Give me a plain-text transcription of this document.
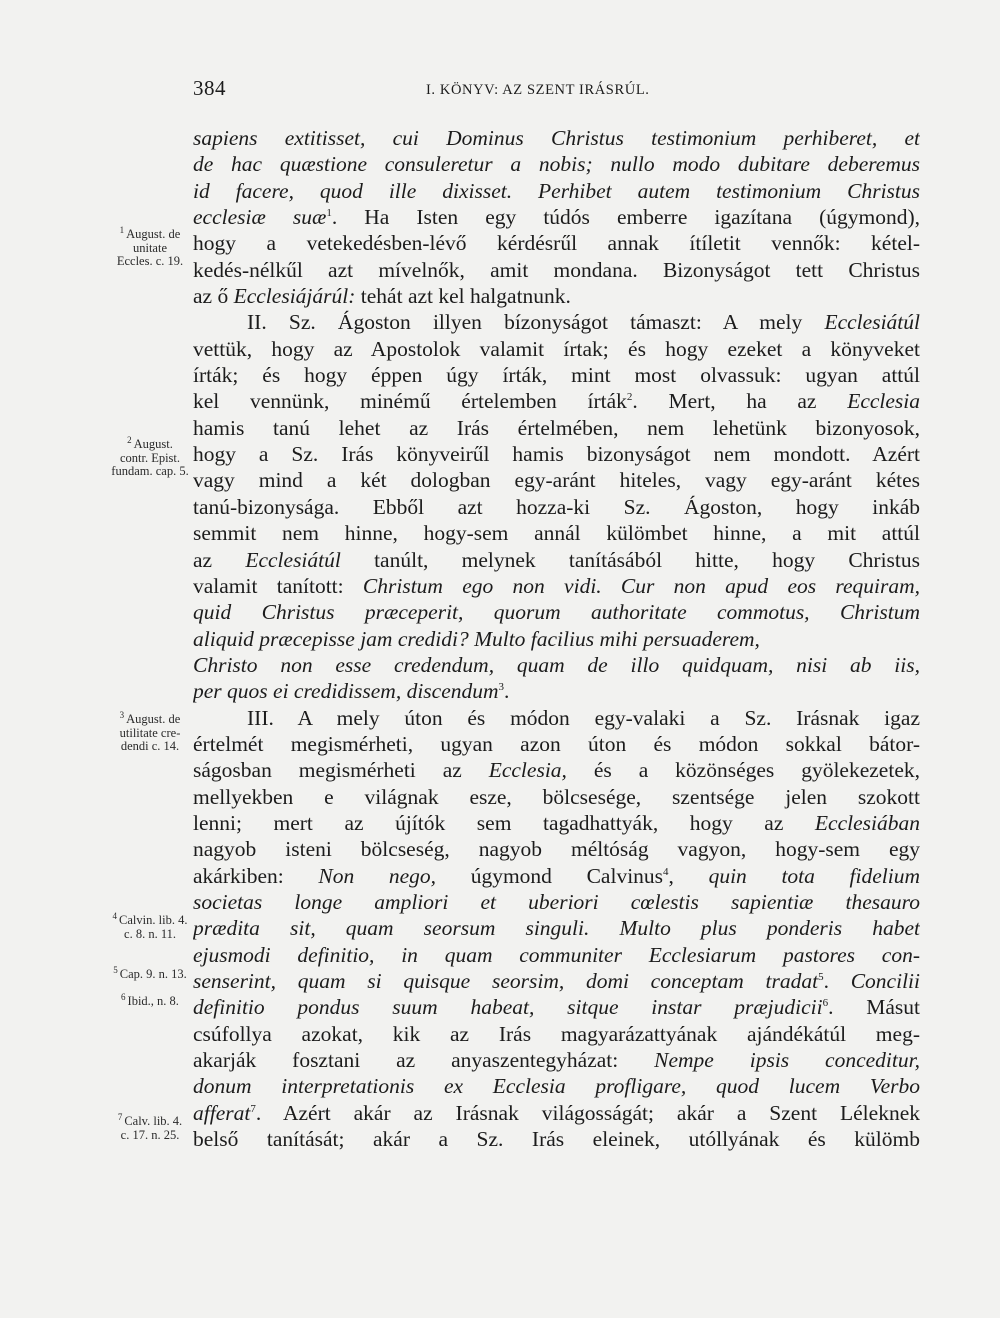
384	I. KÖNYV: AZ SZENT IRÁSRÚL.
sapiens extitisset, cui Dominus Christus testimonium perhiberet, et
de hac quæstione consuleretur a nobis; nullo modo dubitare deberemus
id facere, quod ille dixisset. Perhibet autem testimonium Christus
ecclesiæ suæ$^1$. Ha Isten egy túdós emberre igazítana (úgymond),
hogy a vetekedésben-lévő kérdésrűl annak ítíletit vennők: kétel-
kedés-nélkűl azt mívelnők, amit mondana. Bizonyságot tett Christus
az ő Ecclesiájárúl: tehát azt kel halgatnunk.
II. Sz. Ágoston illyen bízonyságot támaszt: A mely Ecclesiátúl
vettük, hogy az Apostolok valamit írtak; és hogy ezeket a könyveket
írták; és hogy éppen úgy írták, mint most olvassuk: ugyan attúl
kel vennünk, minémű értelemben írták$^2$. Mert, ha az Ecclesia
hamis tanú lehet az Irás értelmében, nem lehetünk bizonyosok,
hogy a Sz. Irás könyveirűl hamis bizonyságot nem mondott. Azért
vagy mind a két dologban egy-aránt hiteles, vagy egy-aránt kétes
tanú-bizonysága. Ebből azt hozza-ki Sz. Ágoston, hogy inkáb
semmit nem hinne, hogy-sem annál külömbet hinne, a mit attúl
az Ecclesiátúl tanúlt, melynek tanításából hitte, hogy Christus
valamit tanított: Christum ego non vidi. Cur non apud eos requiram,
quid Christus præceperit, quorum authoritate commotus, Christum
aliquid præcepisse jam credidi? Multo facilius mihi persuaderem,
Christo non esse credendum, quam de illo quidquam, nisi ab iis,
per quos ei credidissem, discendum$^3$.
III. A mely úton és módon egy-valaki a Sz. Irásnak igaz
értelmét megismérheti, ugyan azon úton és módon sokkal bátor-
ságosban megismérheti az Ecclesia, és a közönséges gyölekezetek,
mellyekben e világnak esze, bölcsesége, szentsége jelen szokott
lenni; mert az újítók sem tagadhattyák, hogy az Ecclesiában
nagyob isteni bölcseség, nagyob méltóság vagyon, hogy-sem egy
akárkiben: Non nego, úgymond Calvinus$^4$, quin tota fidelium
societas longe ampliori et uberiori cœlestis sapientiæ thesauro
prædita sit, quam seorsum singuli. Multo plus ponderis habet
ejusmodi definitio, in quam communiter Ecclesiarum pastores con-
senserint, quam si quisque seorsim, domi conceptam tradat$^5$. Concilii
definitio pondus suum habeat, sitque instar præjudicii$^6$. Másut
csúfollya azokat, kik az Irás magyarázattyának ajándékátúl meg-
akarják fosztani az anyaszentegyházat: Nempe ipsis conceditur,
donum interpretationis ex Ecclesia profligare, quod lucem Verbo
afferat$^7$. Azért akár az Irásnak világosságát; akár a Szent Léleknek
belső tanítását; akár a Sz. Irás eleinek, utóllyának és külömb
$^1$ August. de
unitate
Eccles. c. 19.
$^2$ August.
contr. Epist.
fundam. cap. 5.
$^3$ August. de
utilitate cre-
dendi c. 14.
$^4$ Calvin. lib. 4.
c. 8. n. 11.
$^5$ Cap. 9. n. 13.
$^6$ Ibid., n. 8.
$^7$ Calv. lib. 4.
c. 17. n. 25.
